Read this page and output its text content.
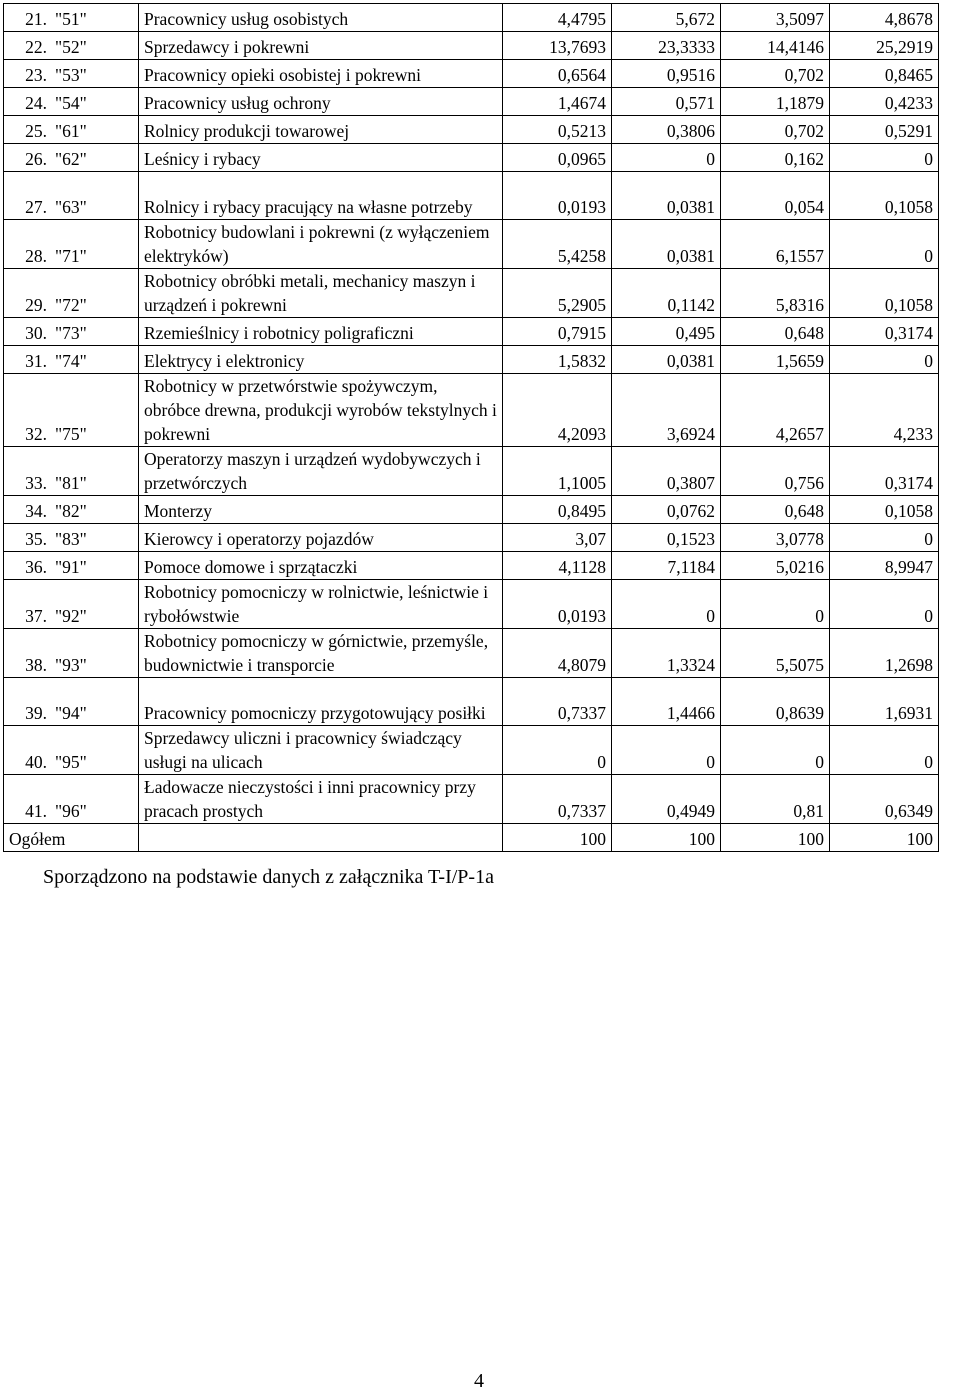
21.	"51"	Pracownicy usług osobistych	4,4795	5,672	3,5097	4,8678
22.	"52"	Sprzedawcy i pokrewni	13,7693	23,3333	14,4146	25,2919
23.	"53"	Pracownicy opieki osobistej i pokrewni	0,6564	0,9516	0,702	0,8465
24.	"54"	Pracownicy usług ochrony	1,4674	0,571	1,1879	0,4233
25.	"61"	Rolnicy produkcji towarowej	0,5213	0,3806	0,702	0,5291
26.	"62"	Leśnicy i rybacy	0,0965	0	0,162	0
27.	"63"	Rolnicy i rybacy pracujący na własne potrzeby	0,0193	0,0381	0,054	0,1058
28.	"71"	Robotnicy budowlani i pokrewni (z wyłączeniem elektryków)	5,4258	0,0381	6,1557	0
29.	"72"	Robotnicy obróbki metali, mechanicy maszyn i urządzeń i pokrewni	5,2905	0,1142	5,8316	0,1058
30.	"73"	Rzemieślnicy i robotnicy poligraficzni	0,7915	0,495	0,648	0,3174
31.	"74"	Elektrycy i elektronicy	1,5832	0,0381	1,5659	0
32.	"75"	Robotnicy w przetwórstwie spożywczym, obróbce drewna, produkcji wyrobów tekstylnych i pokrewni	4,2093	3,6924	4,2657	4,233
33.	"81"	Operatorzy maszyn i urządzeń wydobywczych i przetwórczych	1,1005	0,3807	0,756	0,3174
34.	"82"	Monterzy	0,8495	0,0762	0,648	0,1058
35.	"83"	Kierowcy i operatorzy pojazdów	3,07	0,1523	3,0778	0
36.	"91"	Pomoce domowe i sprzątaczki	4,1128	7,1184	5,0216	8,9947
37.	"92"	Robotnicy pomocniczy w rolnictwie, leśnictwie i rybołówstwie	0,0193	0	0	0
38.	"93"	Robotnicy pomocniczy w górnictwie, przemyśle, budownictwie i transporcie	4,8079	1,3324	5,5075	1,2698
39.	"94"	Pracownicy pomocniczy przygotowujący posiłki	0,7337	1,4466	0,8639	1,6931
40.	"95"	Sprzedawcy uliczni i pracownicy świadczący usługi na ulicach	0	0	0	0
41.	"96"	Ładowacze nieczystości i inni pracownicy przy pracach prostych	0,7337	0,4949	0,81	0,6349
Ogółem			100	100	100	100
Sporządzono na podstawie danych z załącznika T-I/P-1a
4
